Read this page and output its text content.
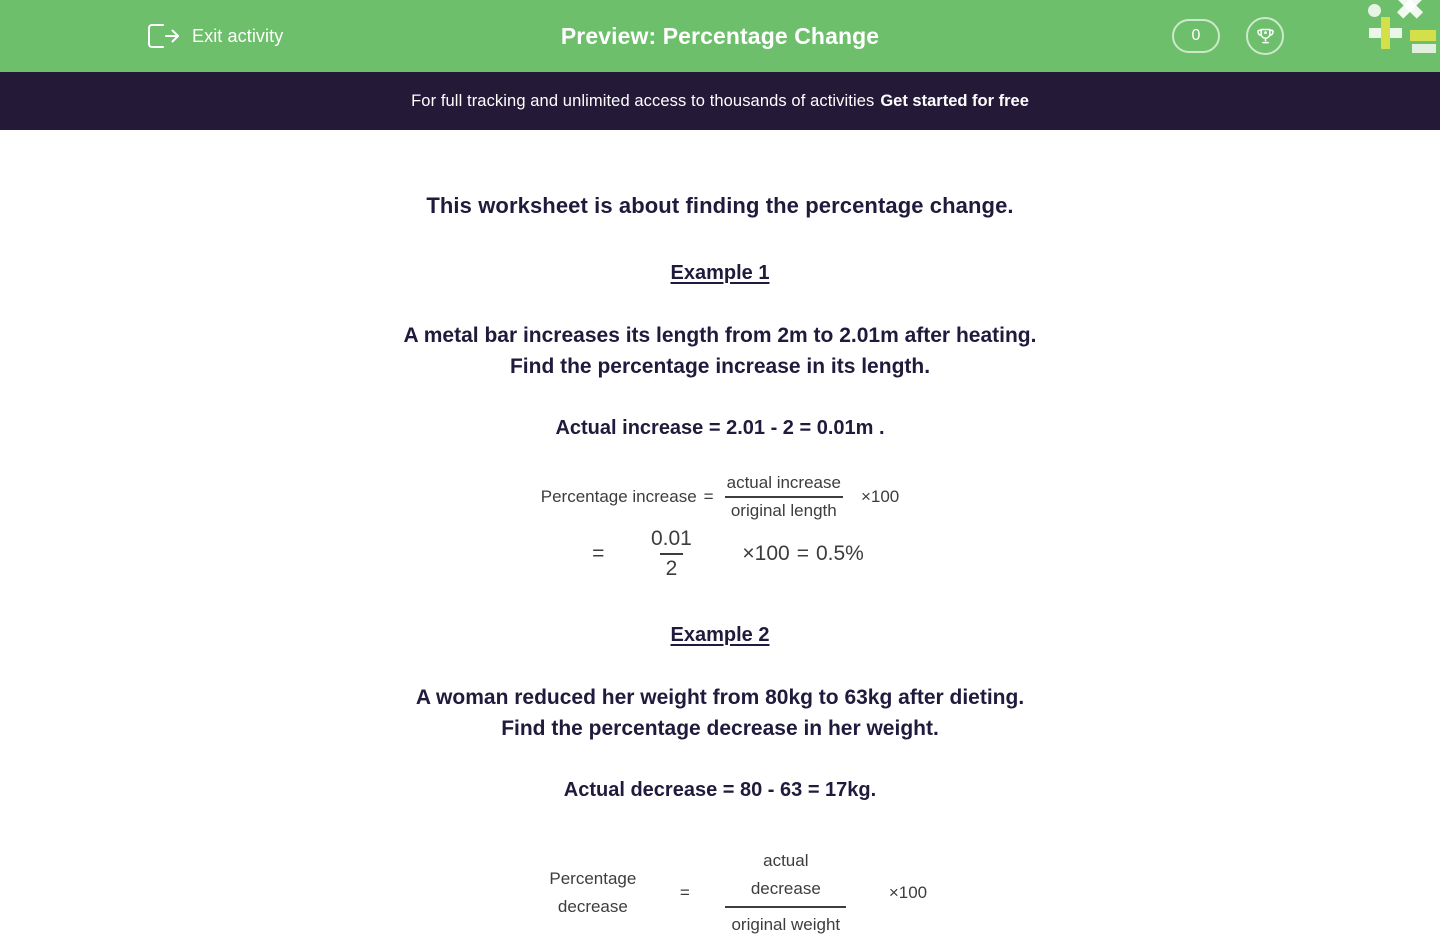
Exit activity	Preview: Percentage Change	0
For full tracking and unlimited access to thousands of activities Get started for free
This worksheet is about finding the percentage change.
Example 1
A metal bar increases its length from 2m to 2.01m after heating.
Find the percentage increase in its length.
Actual increase = 2.01 - 2 = 0.01m .
Percentage increase = $\frac{\text{actual increase}}{\text{original length}} \times 100$
= $\frac{0.01}{2} \times 100 = 0.5\%$
Example 2
A woman reduced her weight from 80kg to 63kg after dieting.
Find the percentage decrease in her weight.
Actual decrease = 80 - 63 = 17kg.
Percentage
decrease
= actual
decrease
original weight ×100
